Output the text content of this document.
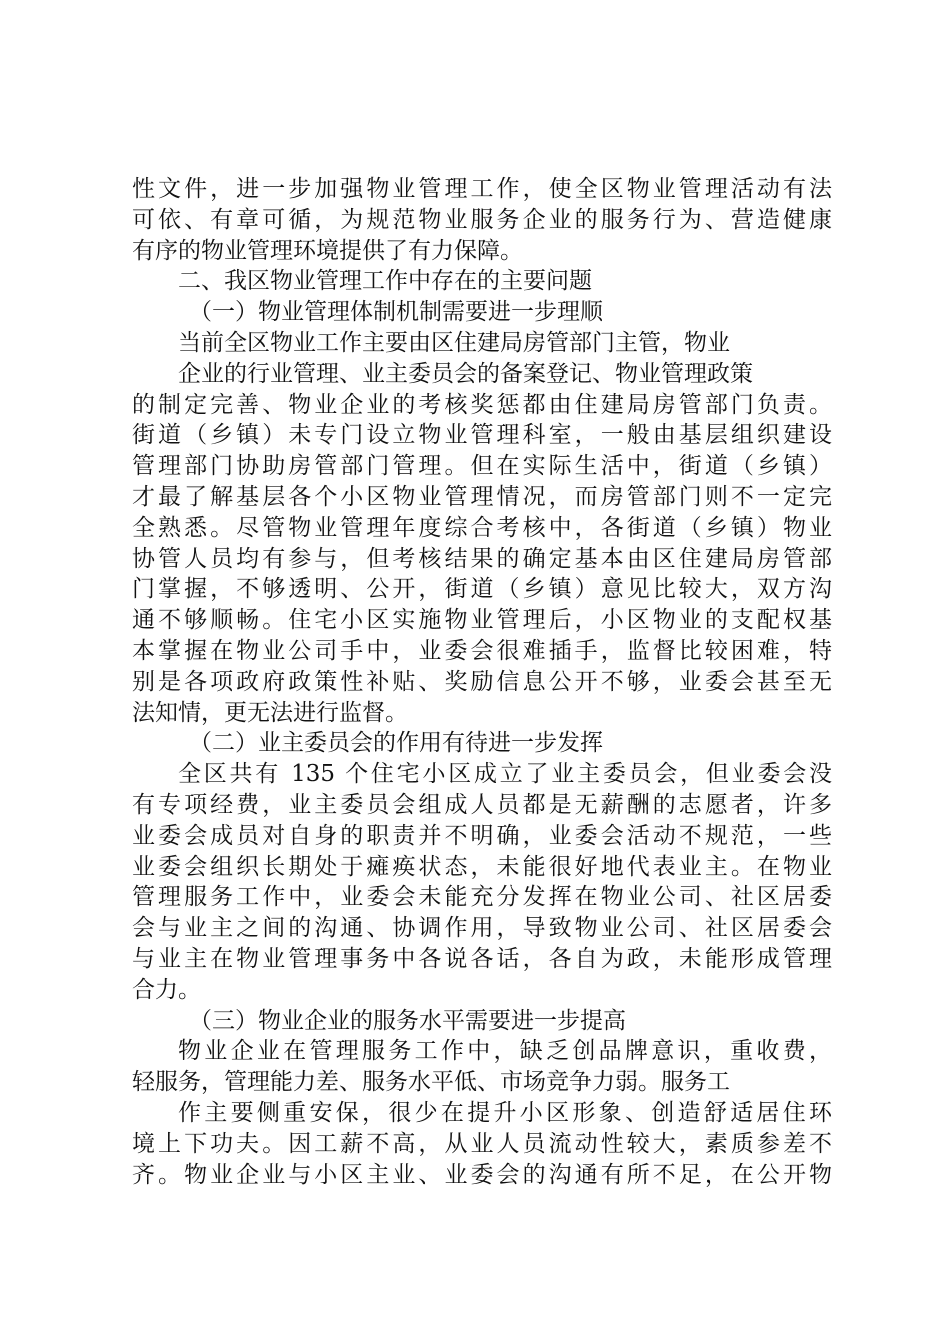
性文件，进一步加强物业管理工作，使全区物业管理活动有法
可依、有章可循，为规范物业服务企业的服务行为、营造健康
有序的物业管理环境提供了有力保障。
二、我区物业管理工作中存在的主要问题
（一）物业管理体制机制需要进一步理顺
当前全区物业工作主要由区住建局房管部门主管，物业
企业的行业管理、业主委员会的备案登记、物业管理政策
的制定完善、物业企业的考核奖惩都由住建局房管部门负责。
街道（乡镇）未专门设立物业管理科室，一般由基层组织建设
管理部门协助房管部门管理。但在实际生活中，街道（乡镇）
才最了解基层各个小区物业管理情况，而房管部门则不一定完
全熟悉。尽管物业管理年度综合考核中，各街道（乡镇）物业
协管人员均有参与，但考核结果的确定基本由区住建局房管部
门掌握，不够透明、公开，街道（乡镇）意见比较大，双方沟
通不够顺畅。住宅小区实施物业管理后，小区物业的支配权基
本掌握在物业公司手中，业委会很难插手，监督比较困难，特
别是各项政府政策性补贴、奖励信息公开不够，业委会甚至无
法知情，更无法进行监督。
（二）业主委员会的作用有待进一步发挥
全区共有 135 个住宅小区成立了业主委员会，但业委会没
有专项经费，业主委员会组成人员都是无薪酬的志愿者，许多
业委会成员对自身的职责并不明确，业委会活动不规范，一些
业委会组织长期处于瘫痪状态，未能很好地代表业主。在物业
管理服务工作中，业委会未能充分发挥在物业公司、社区居委
会与业主之间的沟通、协调作用，导致物业公司、社区居委会
与业主在物业管理事务中各说各话，各自为政，未能形成管理
合力。
（三）物业企业的服务水平需要进一步提高
物业企业在管理服务工作中，缺乏创品牌意识，重收费，
轻服务，管理能力差、服务水平低、市场竞争力弱。服务工
作主要侧重安保，很少在提升小区形象、创造舒适居住环
境上下功夫。因工薪不高，从业人员流动性较大，素质参差不
齐。物业企业与小区主业、业委会的沟通有所不足，在公开物
